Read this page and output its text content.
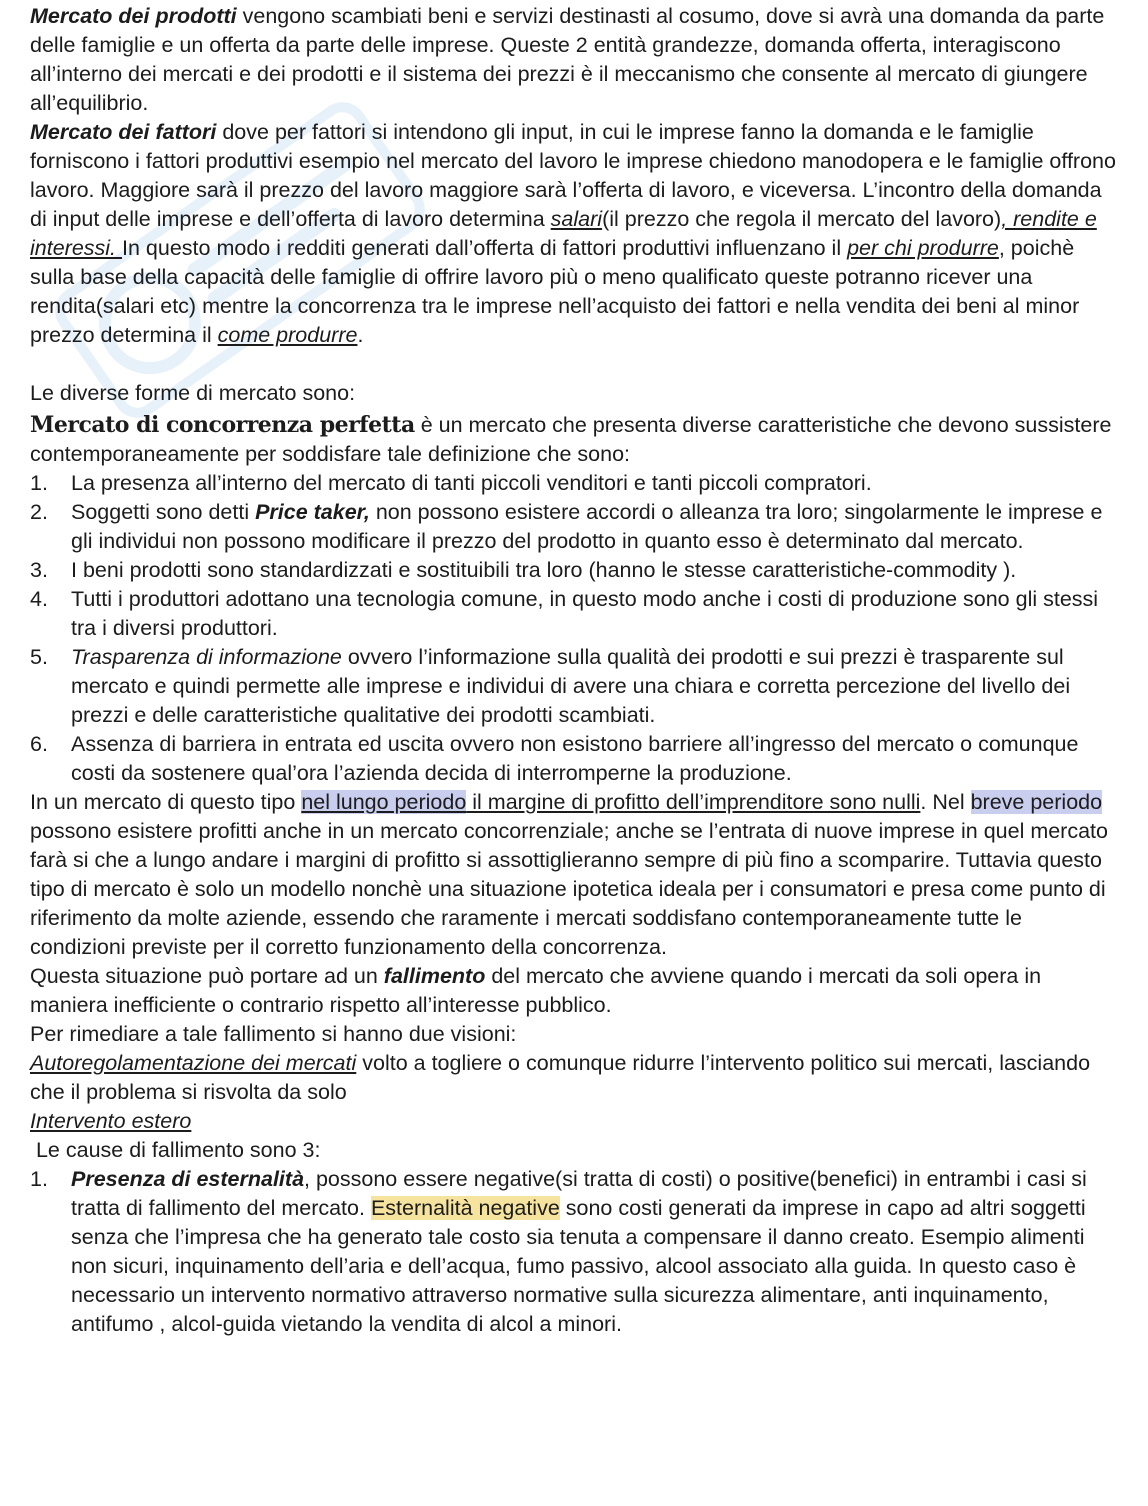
Mercato dei prodotti vengono scambiati beni e servizi destinasti al cosumo, dove si avrà una domanda da parte delle famiglie e un offerta da parte delle imprese. Queste 2 entità grandezze, domanda offerta, interagiscono all’interno dei mercati e dei prodotti e il sistema dei prezzi è il meccanismo che consente al mercato di giungere all’equilibrio.

Mercato dei fattori dove per fattori si intendono gli input, in cui le imprese fanno la domanda e le famiglie forniscono i fattori produttivi esempio nel mercato del lavoro le imprese chiedono manodopera e le famiglie offrono lavoro. Maggiore sarà il prezzo del lavoro maggiore sarà l’offerta di lavoro, e viceversa. L’incontro della domanda di input delle imprese e dell’offerta di lavoro determina salari(il prezzo che regola il mercato del lavoro), rendite e interessi. In questo modo i redditi generati dall’offerta di fattori produttivi influenzano il per chi produrre, poichè sulla base della capacità delle famiglie di offrire lavoro più o meno qualificato queste potranno ricever una rendita(salari etc) mentre la concorrenza tra le imprese nell’acquisto dei fattori e nella vendita dei beni al minor prezzo determina il come produrre.

Le diverse forme di mercato sono:

Mercato di concorrenza perfetta è un mercato che presenta diverse caratteristiche che devono sussistere contemporaneamente per soddisfare tale definizione che sono:

1. La presenza all’interno del mercato di tanti piccoli venditori e tanti piccoli compratori.
2. Soggetti sono detti Price taker, non possono esistere accordi o alleanza tra loro; singolarmente le imprese e gli individui non possono modificare il prezzo del prodotto in quanto esso è determinato dal mercato.
3. I beni prodotti sono standardizzati e sostituibili tra loro (hanno le stesse caratteristiche-commodity ).
4. Tutti i produttori adottano una tecnologia comune, in questo modo anche i costi di produzione sono gli stessi tra i diversi produttori.
5. Trasparenza di informazione ovvero l’informazione sulla qualità dei prodotti e sui prezzi è trasparente sul mercato e quindi permette alle imprese e individui di avere una chiara e corretta percezione del livello dei prezzi e delle caratteristiche qualitative dei prodotti scambiati.
6. Assenza di barriera in entrata ed uscita ovvero non esistono barriere all’ingresso del mercato o comunque costi da sostenere qual’ora l’azienda decida di interromperne la produzione.

In un mercato di questo tipo nel lungo periodo il margine di profitto dell’imprenditore sono nulli. Nel breve periodo possono esistere profitti anche in un mercato concorrenziale; anche se l’entrata di nuove imprese in quel mercato farà si che a lungo andare i margini di profitto si assottiglieranno sempre di più fino a scomparire. Tuttavia questo tipo di mercato è solo un modello nonchè una situazione ipotetica ideala per i consumatori e presa come punto di riferimento da molte aziende, essendo che raramente i mercati soddisfano contemporaneamente tutte le condizioni previste per il corretto funzionamento della concorrenza.

Questa situazione può portare ad un fallimento del mercato che avviene quando i mercati da soli opera in maniera inefficiente o contrario rispetto all’interesse pubblico.

Per rimediare a tale fallimento si hanno due visioni:

Autoregolamentazione dei mercati volto a togliere o comunque ridurre l’intervento politico sui mercati, lasciando che il problema si risvolta da solo

Intervento estero

Le cause di fallimento sono 3:

1. Presenza di esternalità, possono essere negative(si tratta di costi) o positive(benefici) in entrambi i casi si tratta di fallimento del mercato. Esternalità negative sono costi generati da imprese in capo ad altri soggetti senza che l’impresa che ha generato tale costo sia tenuta a compensare il danno creato. Esempio alimenti non sicuri, inquinamento dell’aria e dell’acqua, fumo passivo, alcool associato alla guida. In questo caso è necessario un intervento normativo attraverso normative sulla sicurezza alimentare, anti inquinamento, antifumo , alcol-guida vietando la vendita di alcol a minori.
